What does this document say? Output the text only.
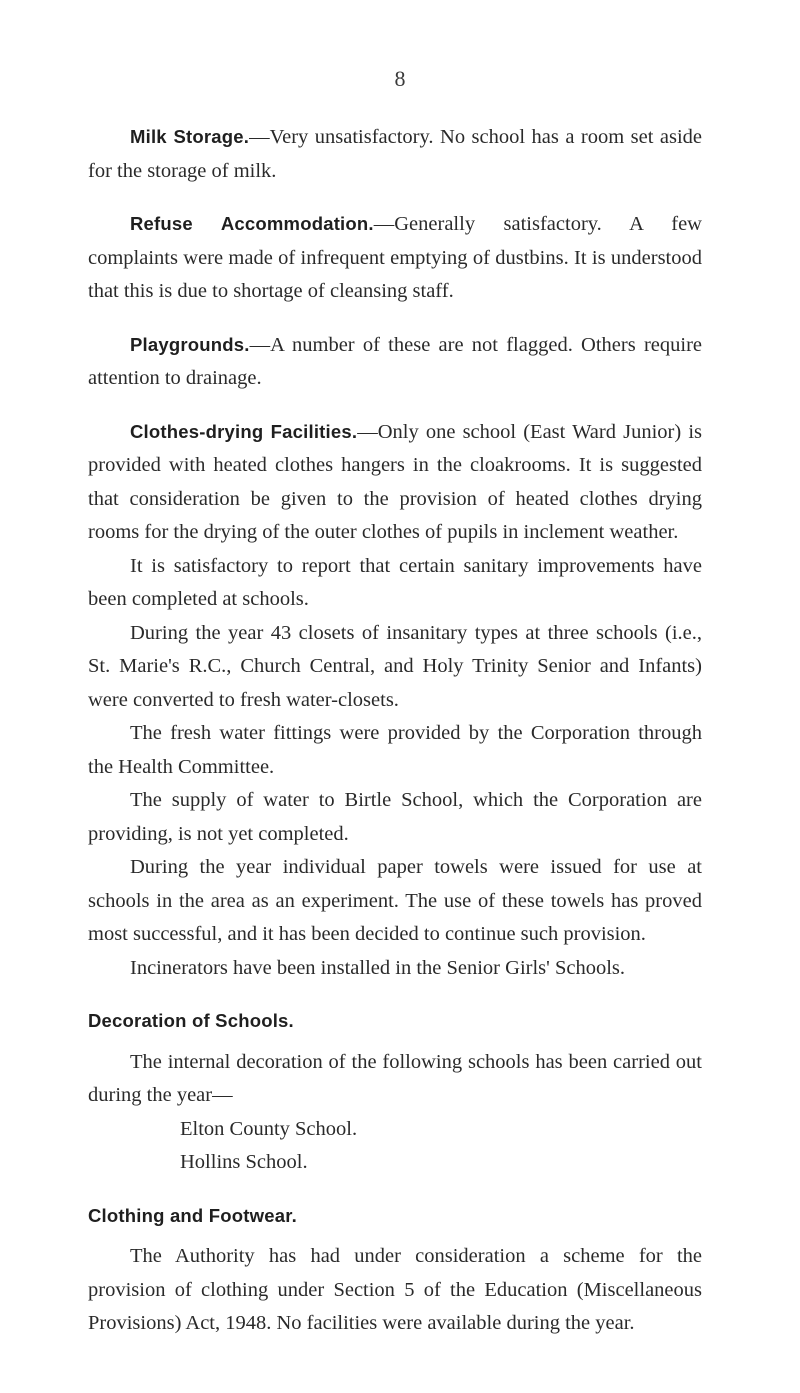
8

Milk Storage.—Very unsatisfactory. No school has a room set aside for the storage of milk.

Refuse Accommodation.—Generally satisfactory. A few complaints were made of infrequent emptying of dustbins. It is understood that this is due to shortage of cleansing staff.

Playgrounds.—A number of these are not flagged. Others require attention to drainage.

Clothes-drying Facilities.—Only one school (East Ward Junior) is provided with heated clothes hangers in the cloakrooms. It is suggested that consideration be given to the provision of heated clothes drying rooms for the drying of the outer clothes of pupils in inclement weather.

It is satisfactory to report that certain sanitary improvements have been completed at schools.

During the year 43 closets of insanitary types at three schools (i.e., St. Marie's R.C., Church Central, and Holy Trinity Senior and Infants) were converted to fresh water-closets.

The fresh water fittings were provided by the Corporation through the Health Committee.

The supply of water to Birtle School, which the Corporation are providing, is not yet completed.

During the year individual paper towels were issued for use at schools in the area as an experiment. The use of these towels has proved most successful, and it has been decided to continue such provision.

Incinerators have been installed in the Senior Girls' Schools.

Decoration of Schools.

The internal decoration of the following schools has been carried out during the year—

Elton County School.

Hollins School.

Clothing and Footwear.

The Authority has had under consideration a scheme for the provision of clothing under Section 5 of the Education (Miscellaneous Provisions) Act, 1948. No facilities were available during the year.
